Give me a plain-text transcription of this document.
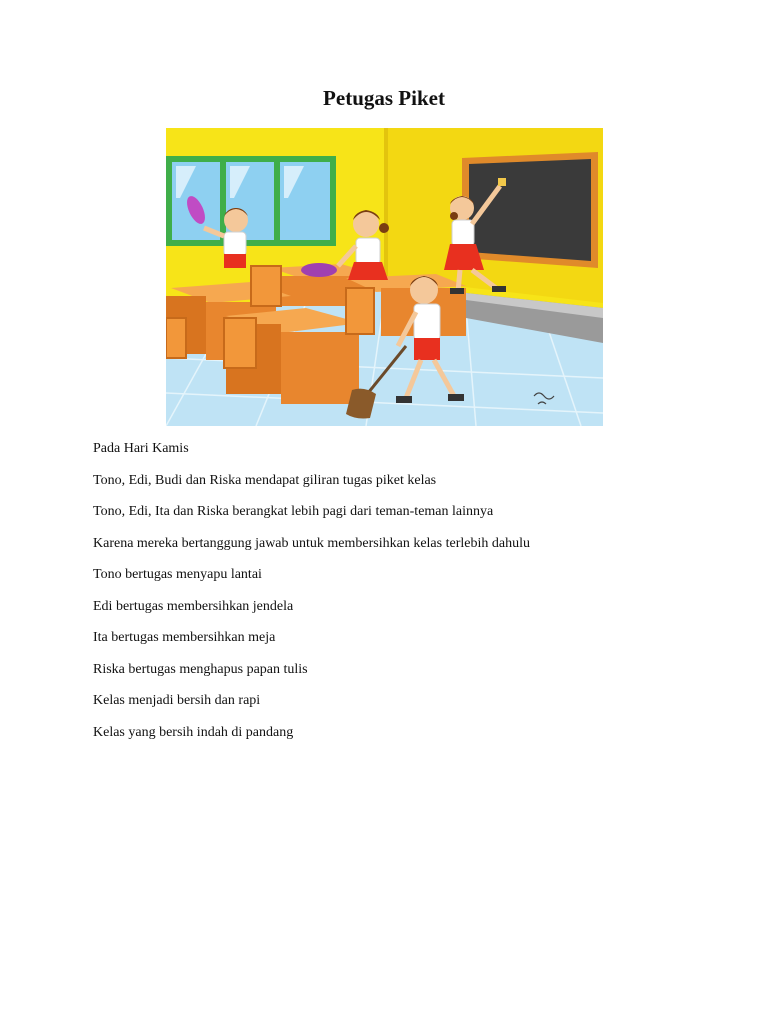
Petugas Piket
Pada Hari Kamis
Tono, Edi, Budi dan Riska mendapat giliran tugas piket kelas
Tono, Edi, Ita dan Riska berangkat lebih pagi dari teman-teman lainnya
Karena mereka bertanggung jawab untuk membersihkan kelas terlebih dahulu
Tono bertugas menyapu lantai
Edi bertugas membersihkan jendela
Ita bertugas membersihkan meja
Riska bertugas menghapus papan tulis
Kelas menjadi bersih dan rapi
Kelas yang bersih indah di pandang
